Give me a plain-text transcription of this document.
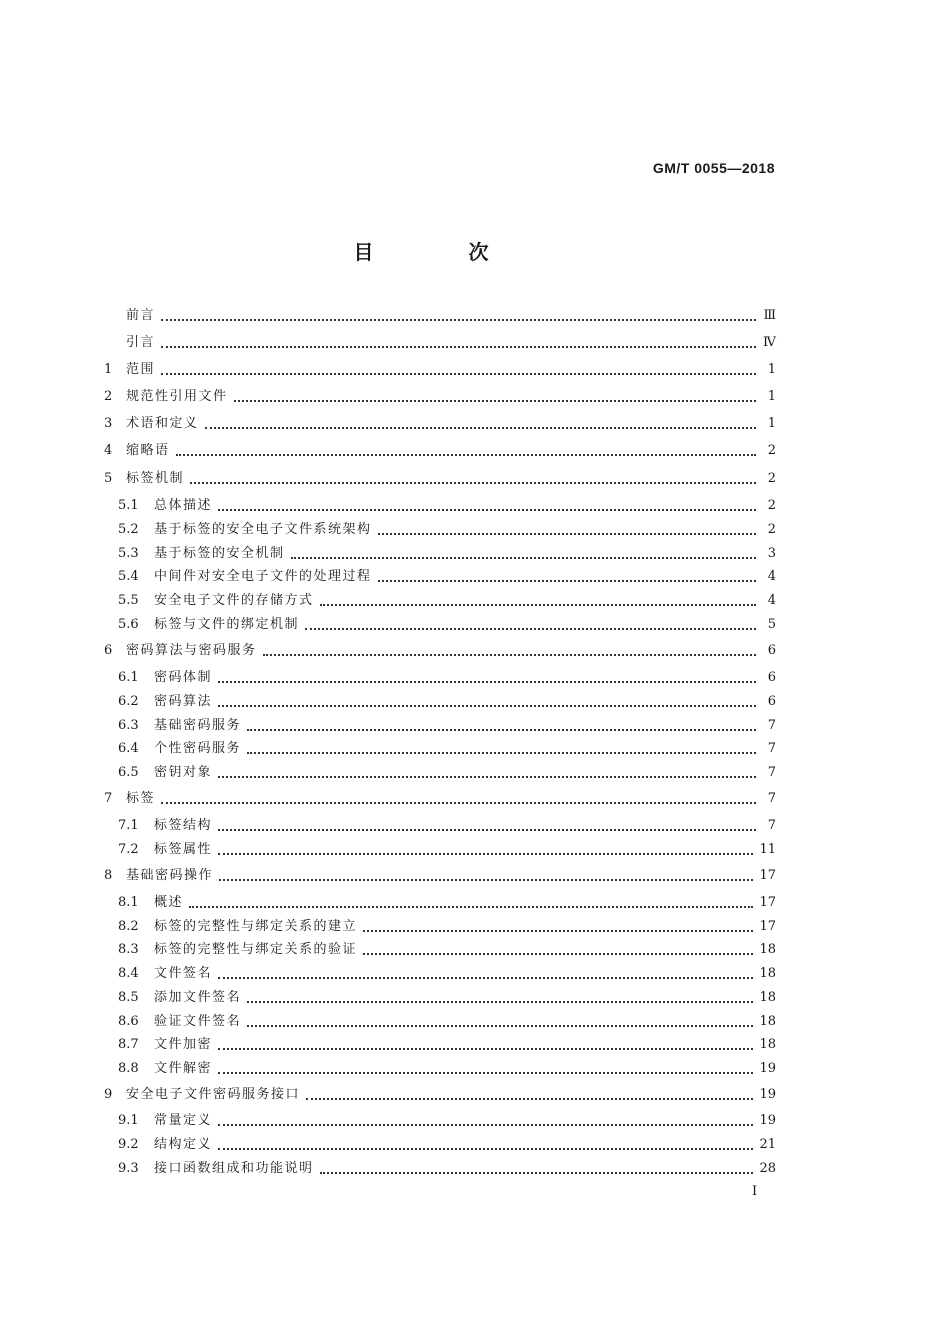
GM/T 0055—2018
目 次
前言	Ⅲ
引言	Ⅳ
1	范围	1
2	规范性引用文件	1
3	术语和定义	1
4	缩略语	2
5	标签机制	2
5.1	总体描述	2
5.2	基于标签的安全电子文件系统架构	2
5.3	基于标签的安全机制	3
5.4	中间件对安全电子文件的处理过程	4
5.5	安全电子文件的存储方式	4
5.6	标签与文件的绑定机制	5
6	密码算法与密码服务	6
6.1	密码体制	6
6.2	密码算法	6
6.3	基础密码服务	7
6.4	个性密码服务	7
6.5	密钥对象	7
7	标签	7
7.1	标签结构	7
7.2	标签属性	11
8	基础密码操作	17
8.1	概述	17
8.2	标签的完整性与绑定关系的建立	17
8.3	标签的完整性与绑定关系的验证	18
8.4	文件签名	18
8.5	添加文件签名	18
8.6	验证文件签名	18
8.7	文件加密	18
8.8	文件解密	19
9	安全电子文件密码服务接口	19
9.1	常量定义	19
9.2	结构定义	21
9.3	接口函数组成和功能说明	28
I
